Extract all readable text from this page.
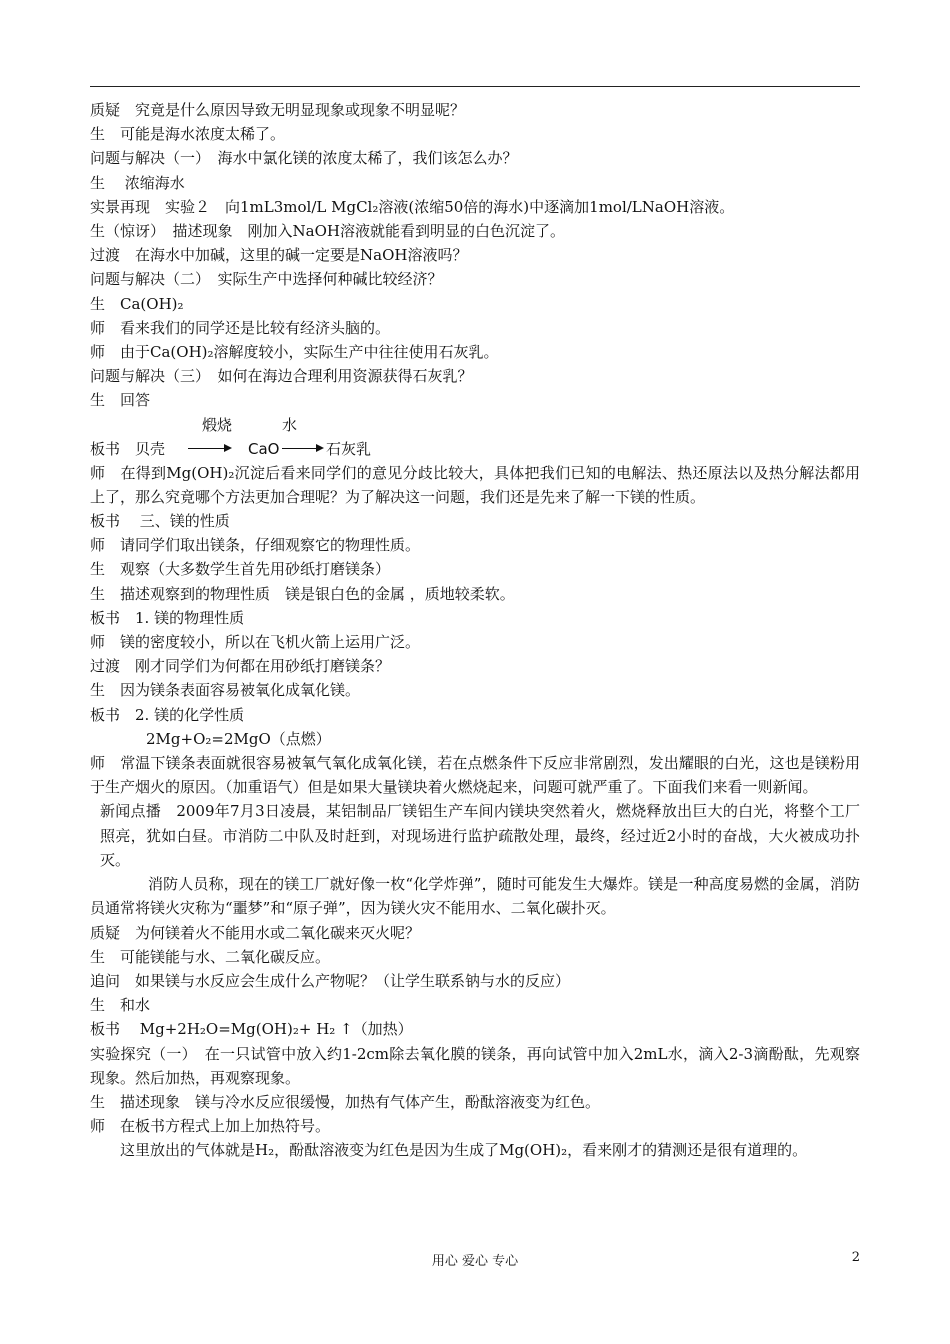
质疑　究竟是什么原因导致无明显现象或现象不明显呢？
生　可能是海水浓度太稀了。
问题与解决（一）　海水中氯化镁的浓度太稀了，我们该怎么办？
生　 浓缩海水
实景再现　实验２　向1mL3mol/L MgCl₂溶液(浓缩50倍的海水)中逐滴加1mol/LNaOH溶液。
生（惊讶）　描述现象　刚加入NaOH溶液就能看到明显的白色沉淀了。
过渡　在海水中加碱，这里的碱一定要是NaOH溶液吗？
问题与解决（二）　实际生产中选择何种碱比较经济？
生　Ca(OH)₂
师　看来我们的同学还是比较有经济头脑的。
师　由于Ca(OH)₂溶解度较小，实际生产中往往使用石灰乳。
问题与解决（三）　如何在海边合理利用资源获得石灰乳？
生　回答
煅烧	水
板书　贝壳 → CaO → 石灰乳
师　在得到Mg(OH)₂沉淀后看来同学们的意见分歧比较大，具体把我们已知的电解法、热还原法以及热分解法都用上了，那么究竟哪个方法更加合理呢？为了解决这一问题，我们还是先来了解一下镁的性质。
板书　 三、镁的性质
师　请同学们取出镁条，仔细观察它的物理性质。
生　观察（大多数学生首先用砂纸打磨镁条）
生　描述观察到的物理性质　镁是银白色的金属 ，质地较柔软。
板书　1. 镁的物理性质
师　镁的密度较小，所以在飞机火箭上运用广泛。
过渡　刚才同学们为何都在用砂纸打磨镁条？
生　因为镁条表面容易被氧化成氧化镁。
板书　2. 镁的化学性质
2Mg+O₂=2MgO（点燃）
师　常温下镁条表面就很容易被氧气氧化成氧化镁，若在点燃条件下反应非常剧烈，发出耀眼的白光，这也是镁粉用于生产烟火的原因。（加重语气）但是如果大量镁块着火燃烧起来，问题可就严重了。下面我们来看一则新闻。
新闻点播　2009年7月3日凌晨，某铝制品厂镁铝生产车间内镁块突然着火，燃烧释放出巨大的白光，将整个工厂照亮，犹如白昼。市消防二中队及时赶到，对现场进行监护疏散处理，最终，经过近2小时的奋战，大火被成功扑灭。
消防人员称，现在的镁工厂就好像一枚“化学炸弹”，随时可能发生大爆炸。镁是一种高度易燃的金属，消防员通常将镁火灾称为“噩梦”和“原子弹”，因为镁火灾不能用水、二氧化碳扑灭。
质疑　为何镁着火不能用水或二氧化碳来灭火呢？
生　可能镁能与水、二氧化碳反应。
追问　如果镁与水反应会生成什么产物呢？（让学生联系钠与水的反应）
生　和水
板书　 Mg+2H₂O=Mg(OH)₂+ H₂ ↑（加热）
实验探究（一）　在一只试管中放入约1-2cm除去氧化膜的镁条，再向试管中加入2mL水，滴入2-3滴酚酞，先观察现象。然后加热，再观察现象。
生　描述现象　镁与冷水反应很缓慢，加热有气体产生，酚酞溶液变为红色。
师　在板书方程式上加上加热符号。
这里放出的气体就是H₂，酚酞溶液变为红色是因为生成了Mg(OH)₂，看来刚才的猜测还是很有道理的。
用心 爱心 专心	2
